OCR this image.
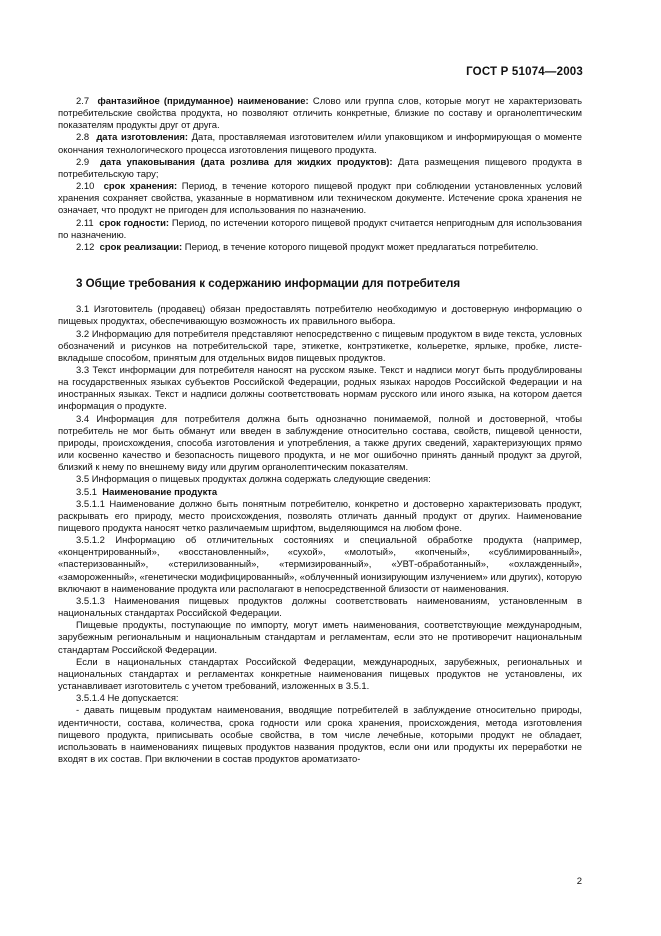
ГОСТ Р 51074—2003

2.7 фантазийное (придуманное) наименование: Слово или группа слов, которые могут не характеризовать потребительские свойства продукта, но позволяют отличить конкретные, близкие по составу и органолептическим показателям продукты друг от друга.

2.8 дата изготовления: Дата, проставляемая изготовителем и/или упаковщиком и информирующая о моменте окончания технологического процесса изготовления пищевого продукта.

2.9 дата упаковывания (дата розлива для жидких продуктов): Дата размещения пищевого продукта в потребительскую тару;

2.10 срок хранения: Период, в течение которого пищевой продукт при соблюдении установленных условий хранения сохраняет свойства, указанные в нормативном или техническом документе. Истечение срока хранения не означает, что продукт не пригоден для использования по назначению.

2.11 срок годности: Период, по истечении которого пищевой продукт считается непригодным для использования по назначению.

2.12 срок реализации: Период, в течение которого пищевой продукт может предлагаться потребителю.

3 Общие требования к содержанию информации для потребителя

3.1 Изготовитель (продавец) обязан предоставлять потребителю необходимую и достоверную информацию о пищевых продуктах, обеспечивающую возможность их правильного выбора.

3.2 Информацию для потребителя представляют непосредственно с пищевым продуктом в виде текста, условных обозначений и рисунков на потребительской таре, этикетке, контрэтикетке, кольеретке, ярлыке, пробке, листе-вкладыше способом, принятым для отдельных видов пищевых продуктов.

3.3 Текст информации для потребителя наносят на русском языке. Текст и надписи могут быть продублированы на государственных языках субъектов Российской Федерации, родных языках народов Российской Федерации и на иностранных языках. Текст и надписи должны соответствовать нормам русского или иного языка, на котором дается информация о продукте.

3.4 Информация для потребителя должна быть однозначно понимаемой, полной и достоверной, чтобы потребитель не мог быть обманут или введен в заблуждение относительно состава, свойств, пищевой ценности, природы, происхождения, способа изготовления и употребления, а также других сведений, характеризующих прямо или косвенно качество и безопасность пищевого продукта, и не мог ошибочно принять данный продукт за другой, близкий к нему по внешнему виду или другим органолептическим показателям.

3.5 Информация о пищевых продуктах должна содержать следующие сведения:

3.5.1 Наименование продукта

3.5.1.1 Наименование должно быть понятным потребителю, конкретно и достоверно характеризовать продукт, раскрывать его природу, место происхождения, позволять отличать данный продукт от других. Наименование пищевого продукта наносят четко различаемым шрифтом, выделяющимся на любом фоне.

3.5.1.2 Информацию об отличительных состояниях и специальной обработке продукта (например, «концентрированный», «восстановленный», «сухой», «молотый», «копченый», «сублимированный», «пастеризованный», «стерилизованный», «термизированный», «УВТ-обработанный», «охлажденный», «замороженный», «генетически модифицированный», «облученный ионизирующим излучением» или других), которую включают в наименование продукта или располагают в непосредственной близости от наименования.

3.5.1.3 Наименования пищевых продуктов должны соответствовать наименованиям, установленным в национальных стандартах Российской Федерации.

Пищевые продукты, поступающие по импорту, могут иметь наименования, соответствующие международным, зарубежным региональным и национальным стандартам и регламентам, если это не противоречит национальным стандартам Российской Федерации.

Если в национальных стандартах Российской Федерации, международных, зарубежных, региональных и национальных стандартах и регламентах конкретные наименования пищевых продуктов не установлены, их устанавливает изготовитель с учетом требований, изложенных в 3.5.1.

3.5.1.4 Не допускается:

- давать пищевым продуктам наименования, вводящие потребителей в заблуждение относительно природы, идентичности, состава, количества, срока годности или срока хранения, происхождения, метода изготовления пищевого продукта, приписывать особые свойства, в том числе лечебные, которыми продукт не обладает, использовать в наименованиях пищевых продуктов названия продуктов, если они или продукты их переработки не входят в их состав. При включении в состав продуктов ароматизато-

2
